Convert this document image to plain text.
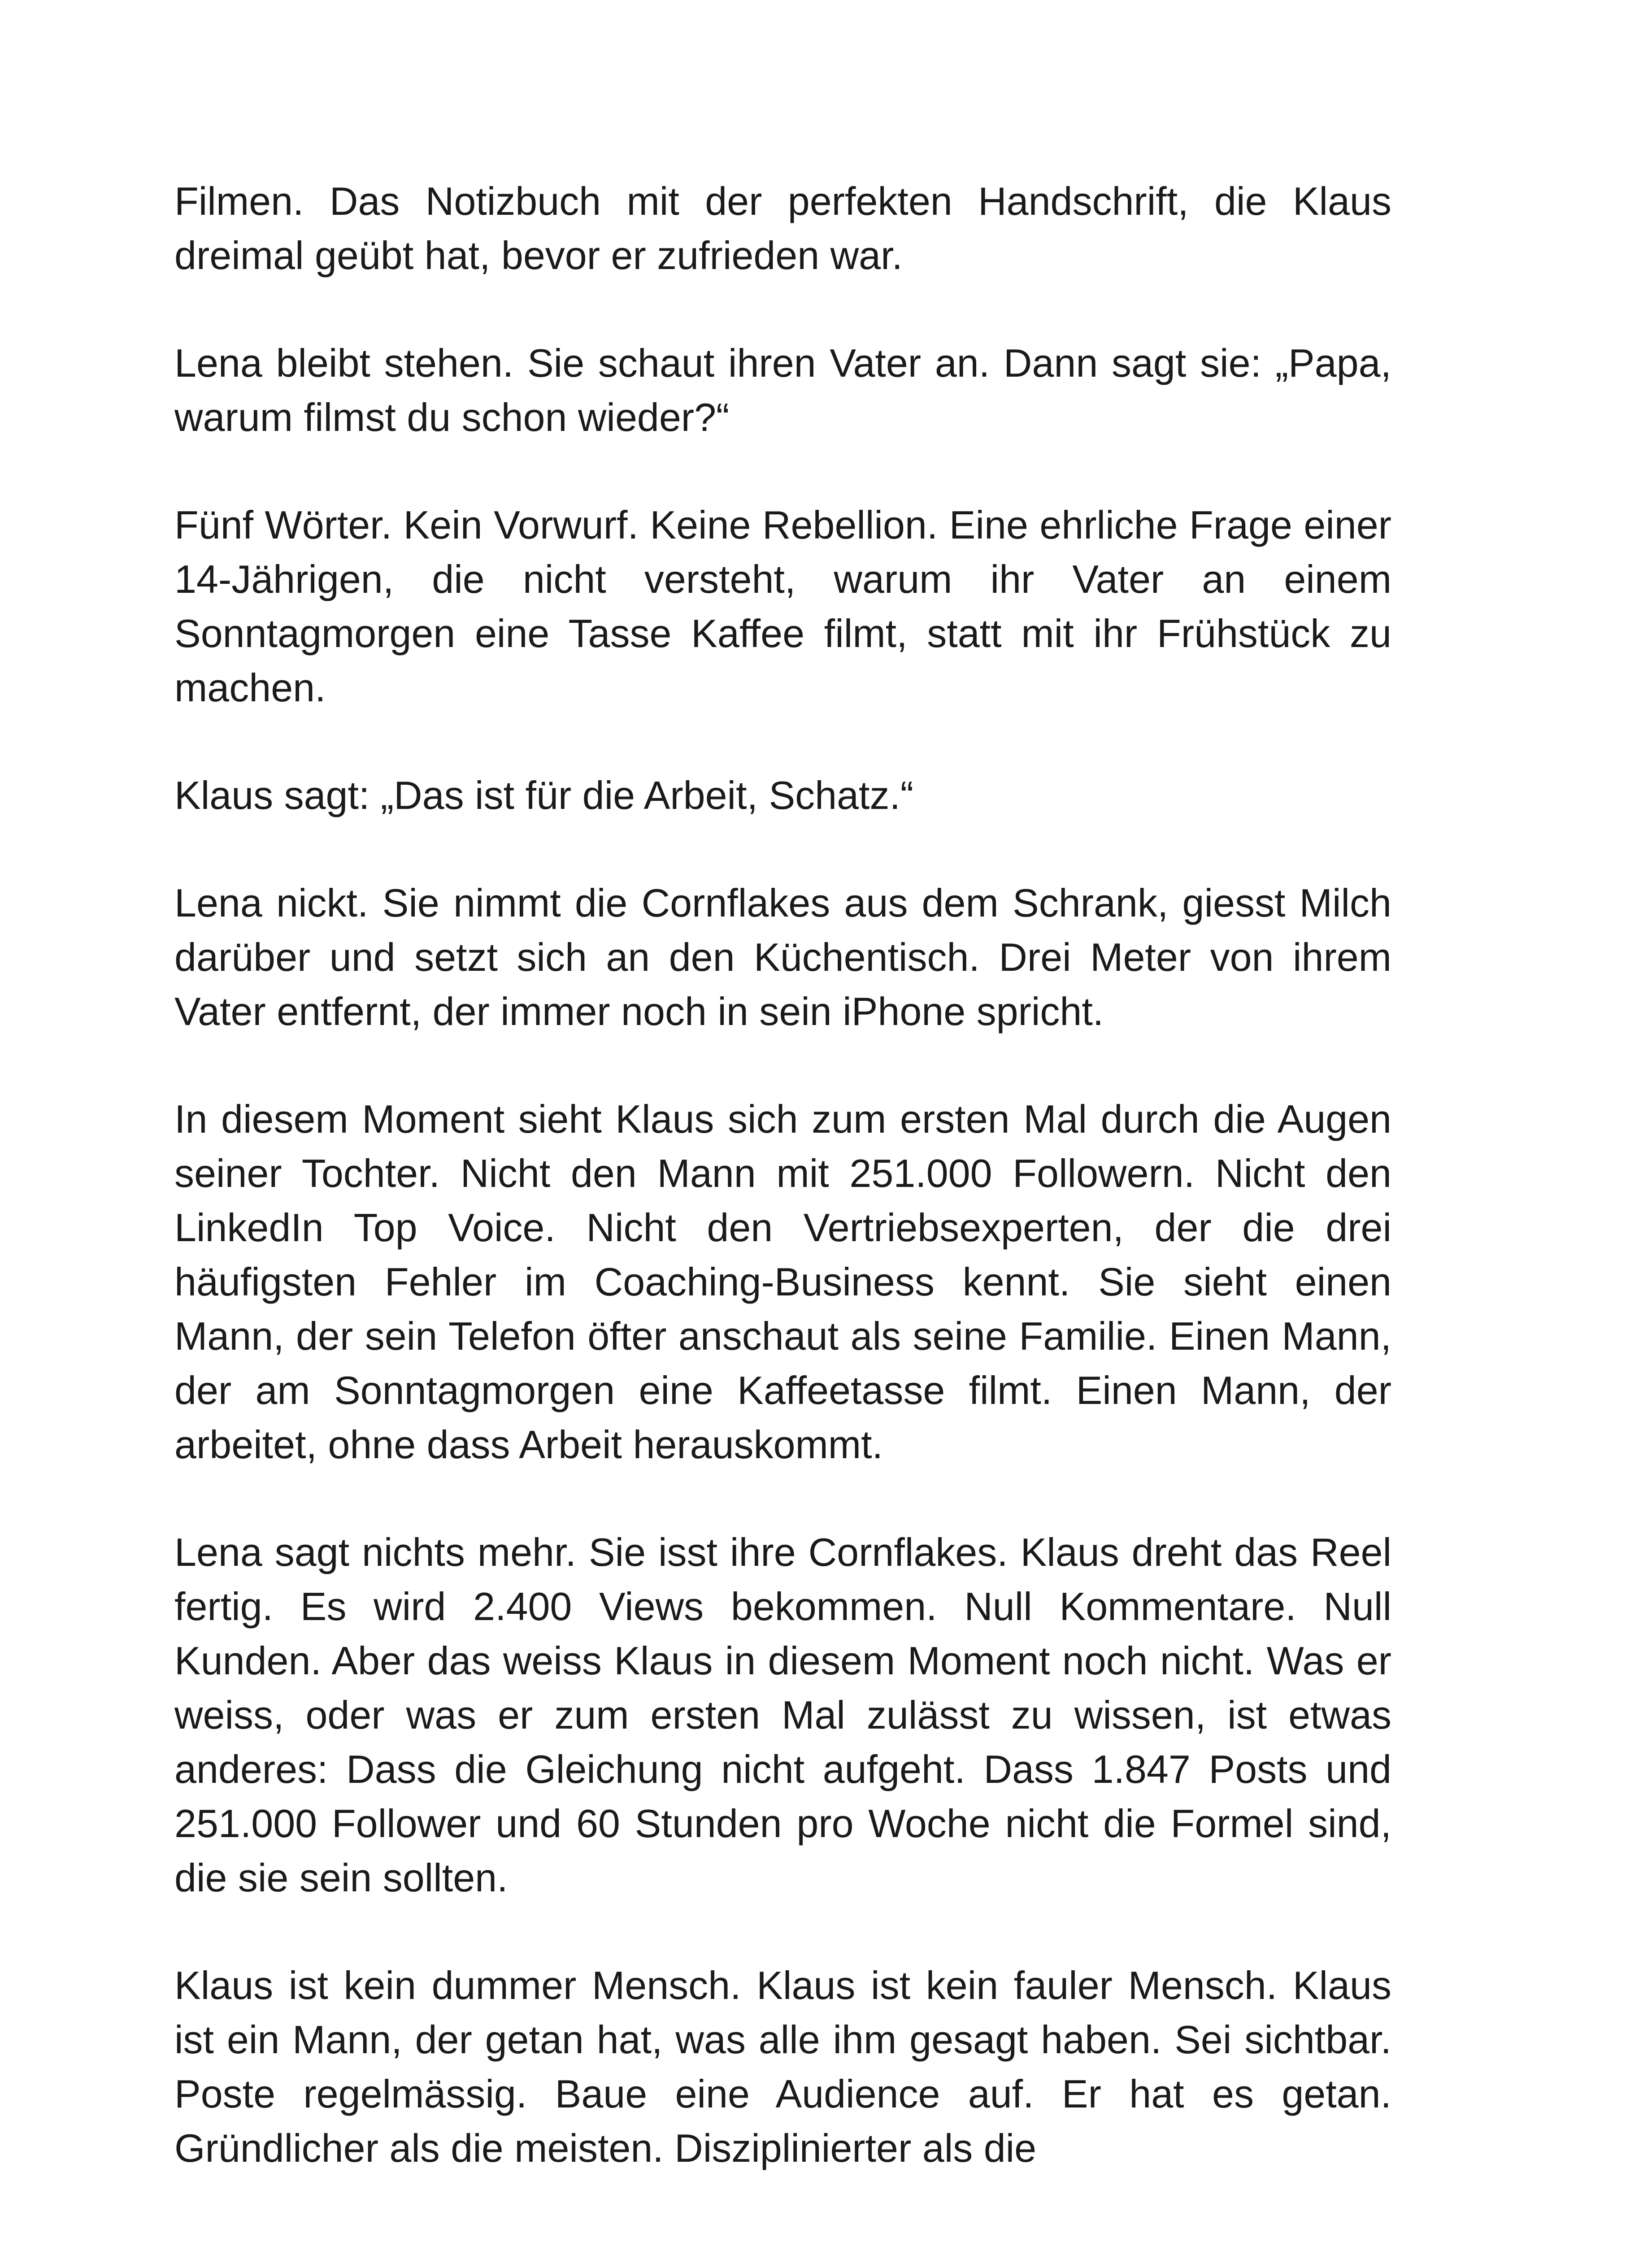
Filmen. Das Notizbuch mit der perfekten Handschrift, die Klaus dreimal geübt hat, bevor er zufrieden war.

Lena bleibt stehen. Sie schaut ihren Vater an. Dann sagt sie: „Papa, warum filmst du schon wieder?“

Fünf Wörter. Kein Vorwurf. Keine Rebellion. Eine ehrliche Frage einer 14-Jährigen, die nicht versteht, warum ihr Vater an einem Sonntagmorgen eine Tasse Kaffee filmt, statt mit ihr Frühstück zu machen.

Klaus sagt: „Das ist für die Arbeit, Schatz.“

Lena nickt. Sie nimmt die Cornflakes aus dem Schrank, giesst Milch darüber und setzt sich an den Küchentisch. Drei Meter von ihrem Vater entfernt, der immer noch in sein iPhone spricht.

In diesem Moment sieht Klaus sich zum ersten Mal durch die Augen seiner Tochter. Nicht den Mann mit 251.000 Followern. Nicht den LinkedIn Top Voice. Nicht den Vertriebsexperten, der die drei häufigsten Fehler im Coaching-Business kennt. Sie sieht einen Mann, der sein Telefon öfter anschaut als seine Familie. Einen Mann, der am Sonntagmorgen eine Kaffeetasse filmt. Einen Mann, der arbeitet, ohne dass Arbeit herauskommt.

Lena sagt nichts mehr. Sie isst ihre Cornflakes. Klaus dreht das Reel fertig. Es wird 2.400 Views bekommen. Null Kommentare. Null Kunden. Aber das weiss Klaus in diesem Moment noch nicht. Was er weiss, oder was er zum ersten Mal zulässt zu wissen, ist etwas anderes: Dass die Gleichung nicht aufgeht. Dass 1.847 Posts und 251.000 Follower und 60 Stunden pro Woche nicht die Formel sind, die sie sein sollten.

Klaus ist kein dummer Mensch. Klaus ist kein fauler Mensch. Klaus ist ein Mann, der getan hat, was alle ihm gesagt haben. Sei sichtbar. Poste regelmässig. Baue eine Audience auf. Er hat es getan. Gründlicher als die meisten. Disziplinierter als die
